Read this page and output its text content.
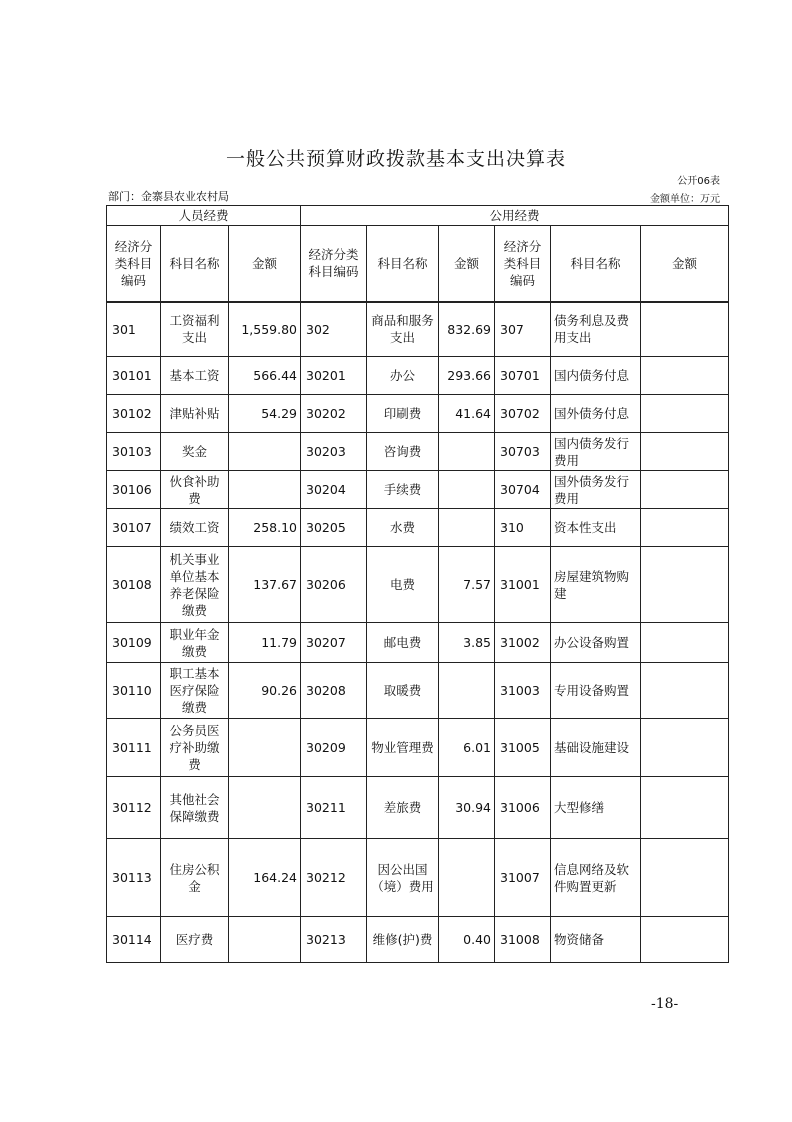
一般公共预算财政拨款基本支出决算表
公开06表
部门：金寨县农业农村局	金额单位：万元
人员经费			公用经费					
经济分类科目编码	科目名称	金额	经济分类科目编码	科目名称	金额	经济分类科目编码	科目名称	金额
301	工资福利支出	1,559.80	302	商品和服务支出	832.69	307	债务利息及费用支出	
30101	基本工资	566.44	30201	办公	293.66	30701	国内债务付息	
30102	津贴补贴	54.29	30202	印刷费	41.64	30702	国外债务付息	
30103	奖金		30203	咨询费		30703	国内债务发行费用	
30106	伙食补助费		30204	手续费		30704	国外债务发行费用	
30107	绩效工资	258.10	30205	水费		310	资本性支出	
30108	机关事业单位基本养老保险缴费	137.67	30206	电费	7.57	31001	房屋建筑物购建	
30109	职业年金缴费	11.79	30207	邮电费	3.85	31002	办公设备购置	
30110	职工基本医疗保险缴费	90.26	30208	取暖费		31003	专用设备购置	
30111	公务员医疗补助缴费		30209	物业管理费	6.01	31005	基础设施建设	
30112	其他社会保障缴费		30211	差旅费	30.94	31006	大型修缮	
30113	住房公积金	164.24	30212	因公出国（境）费用		31007	信息网络及软件购置更新	
30114	医疗费		30213	维修(护)费	0.40	31008	物资储备	
-18-
